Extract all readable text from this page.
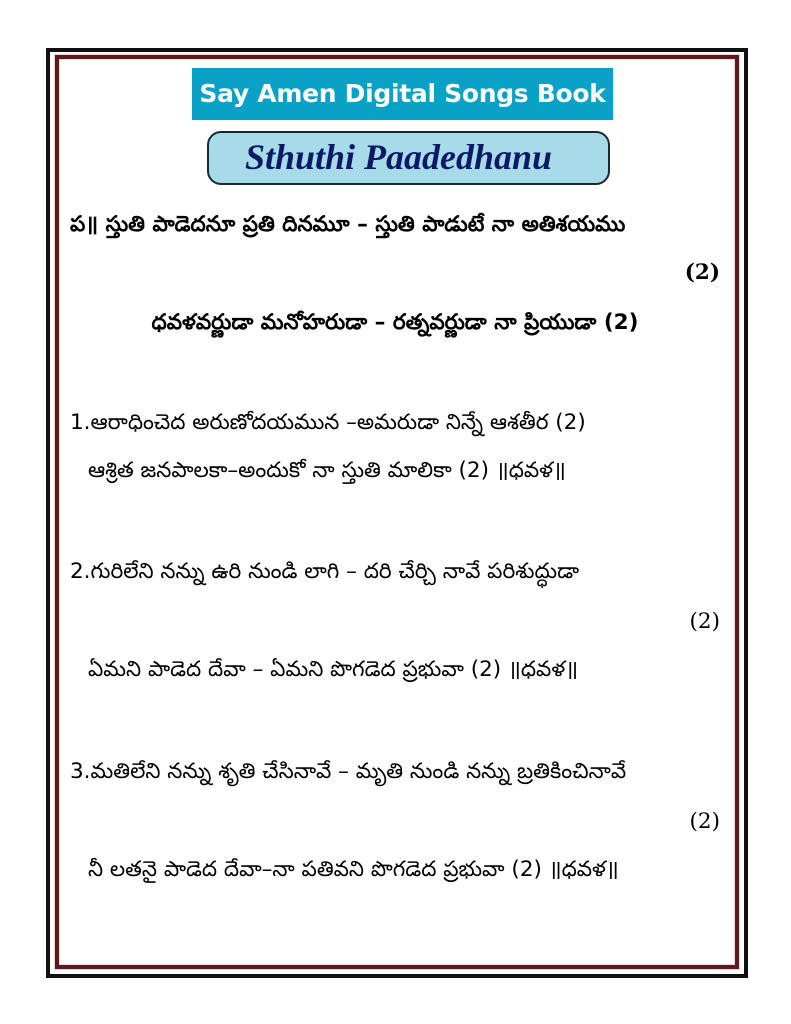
Say Amen Digital Songs Book
Sthuthi Paadedhanu
ప॥ స్తుతి పాడెదనూ ప్రతి దినమూ – స్తుతి పాడుటే నా అతిశయము
(2)
ధవళవర్ణుడా మనోహరుడా – రత్నవర్ణుడా నా ప్రియుడా (2)
1.ఆరాధించెద అరుణోదయమున –అమరుడా నిన్నే ఆశతీర (2)
ఆశ్రిత జనపాలకా–అందుకో నా స్తుతి మాలికా (2) ॥ధవళ॥
2.గురిలేని నన్ను ఉరి నుండి లాగి – దరి చేర్చి నావే పరిశుద్ధుడా
(2)
ఏమని పాడెద దేవా – ఏమని పొగడెద ప్రభువా (2) ॥ధవళ॥
3.మతిలేని నన్ను శృతి చేసినావే – మృతి నుండి నన్ను బ్రతికించినావే
(2)
నీ లతనై పాడెద దేవా–నా పతివని పొగడెద ప్రభువా (2) ॥ధవళ॥
